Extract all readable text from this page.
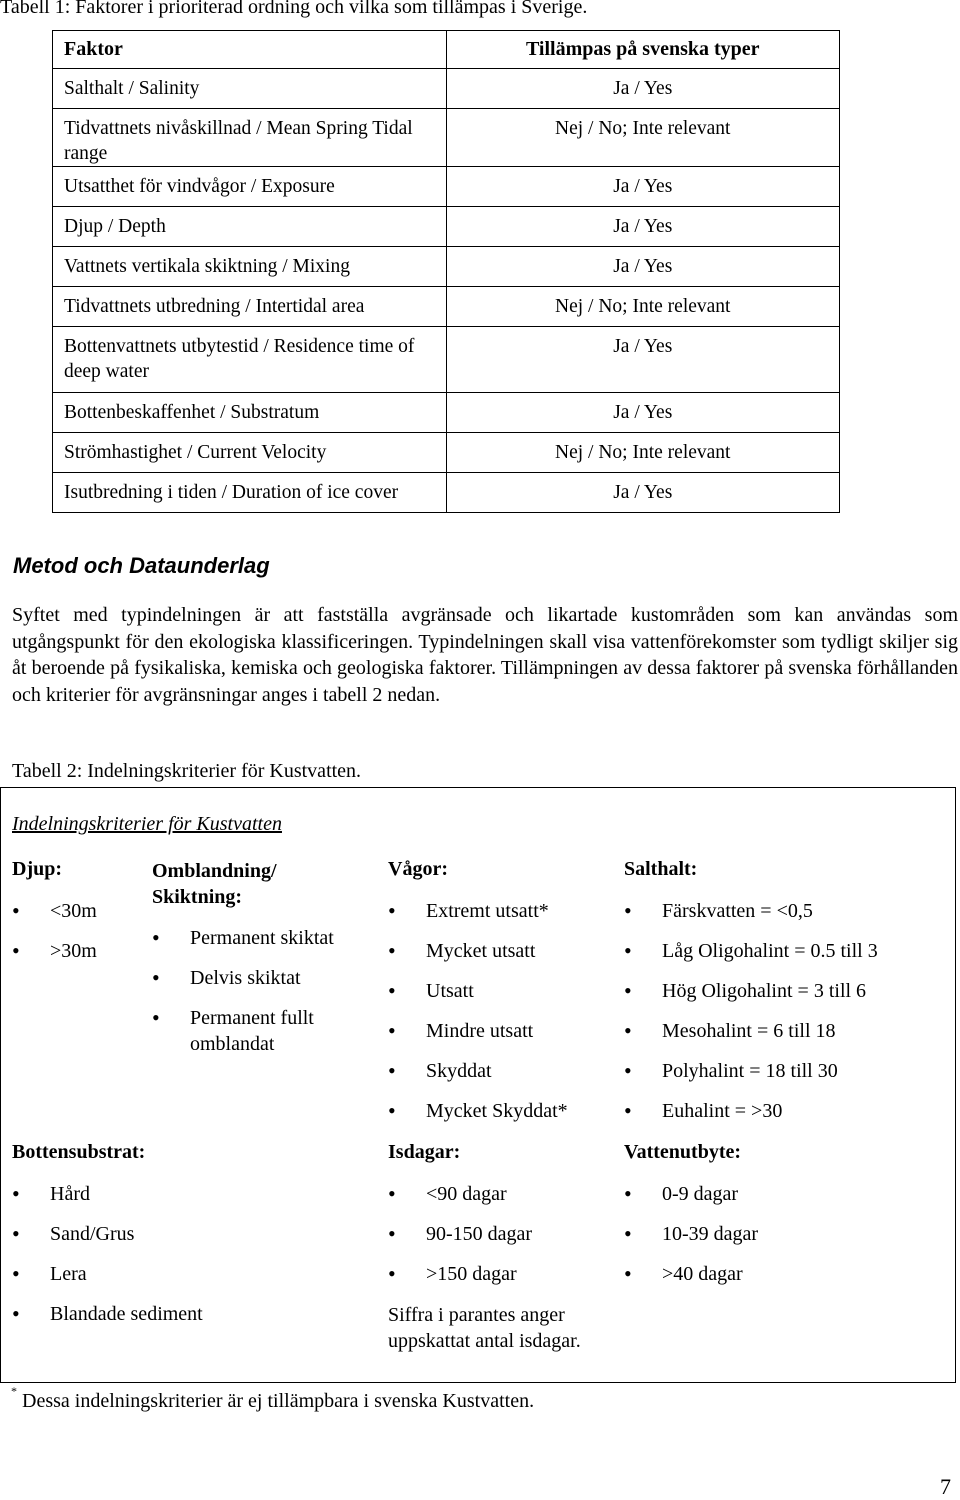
Tabell 1: Faktorer i prioriterad ordning och vilka som tillämpas i Sverige.
Faktor	Tillämpas på svenska typer

Salthalt / Salinity	Ja / Yes

Tidvattnets nivåskillnad / Mean Spring Tidal range	Nej / No; Inte relevant

Utsatthet för vindvågor / Exposure	Ja / Yes

Djup / Depth	Ja / Yes

Vattnets vertikala skiktning / Mixing	Ja / Yes

Tidvattnets utbredning / Intertidal area	Nej / No; Inte relevant

Bottenvattnets utbytestid / Residence time of deep water	Ja / Yes

Bottenbeskaffenhet / Substratum	Ja / Yes

Strömhastighet / Current Velocity	Nej / No; Inte relevant

Isutbredning i tiden / Duration of ice cover	Ja / Yes
Metod och Dataunderlag
Syftet med typindelningen är att fastställa avgränsade och likartade kustområden som kan användas som utgångspunkt för den ekologiska klassificeringen. Typindelningen skall visa vattenförekomster som tydligt skiljer sig åt beroende på fysikaliska, kemiska och geologiska faktorer. Tillämpningen av dessa faktorer på svenska förhållanden och kriterier för avgränsningar anges i tabell 2 nedan.
Tabell 2: Indelningskriterier för Kustvatten.
Indelningskriterier för Kustvatten
Djup:
• <30m
• >30m
Omblandning/ Skiktning:
• Permanent skiktat
• Delvis skiktat
• Permanent fullt omblandat
Vågor:
• Extremt utsatt*
• Mycket utsatt
• Utsatt
• Mindre utsatt
• Skyddat
• Mycket Skyddat*
Salthalt:
• Färskvatten = <0,5
• Låg Oligohalint = 0.5 till 3
• Hög Oligohalint = 3 till 6
• Mesohalint = 6 till 18
• Polyhalint = 18 till 30
• Euhalint = >30
Bottensubstrat:
• Hård
• Sand/Grus
• Lera
• Blandade sediment
Isdagar:
• <90 dagar
• 90-150 dagar
• >150 dagar
Siffra i parantes anger uppskattat antal isdagar.
Vattenutbyte:
• 0-9 dagar
• 10-39 dagar
• >40 dagar
* Dessa indelningskriterier är ej tillämpbara i svenska Kustvatten.
7
